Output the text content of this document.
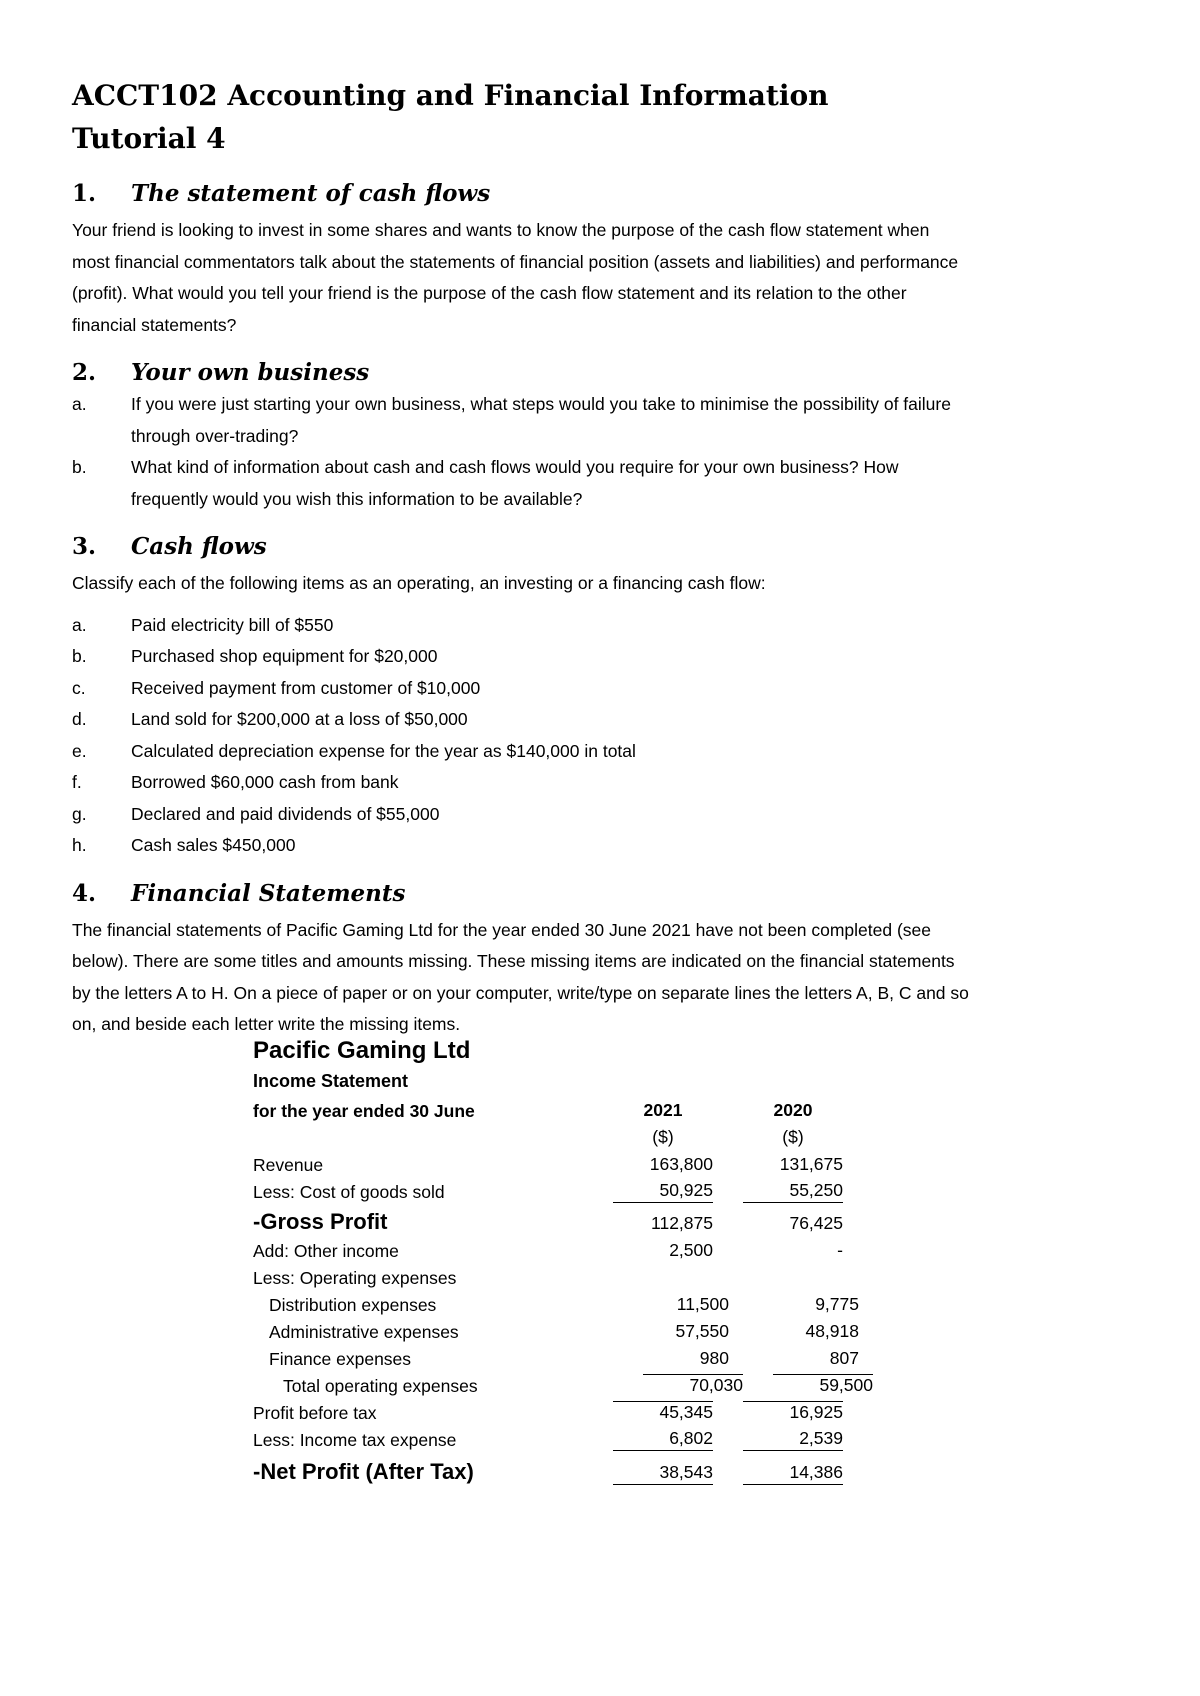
ACCT102 Accounting and Financial Information
Tutorial 4
1.	The statement of cash flows

Your friend is looking to invest in some shares and wants to know the purpose of the cash flow statement when
most financial commentators talk about the statements of financial position (assets and liabilities) and performance
(profit). What would you tell your friend is the purpose of the cash flow statement and its relation to the other
financial statements?

2.	Your own business
a.	If you were just starting your own business, what steps would you take to minimise the possibility of failure
through over-trading?
b.	What kind of information about cash and cash flows would you require for your own business? How
frequently would you wish this information to be available?
3.	Cash flows

Classify each of the following items as an operating, an investing or a financing cash flow:

a.	Paid electricity bill of $550
b.	Purchased shop equipment for $20,000
c.	Received payment from customer of $10,000
d.	Land sold for $200,000 at a loss of $50,000
e.	Calculated depreciation expense for the year as $140,000 in total
f.	Borrowed $60,000 cash from bank
g.	Declared and paid dividends of $55,000
h.	Cash sales $450,000
4.	Financial Statements

The financial statements of Pacific Gaming Ltd for the year ended 30 June 2021 have not been completed (see
below). There are some titles and amounts missing. These missing items are indicated on the financial statements
by the letters A to H. On a piece of paper or on your computer, write/type on separate lines the letters A, B, C and so
on, and beside each letter write the missing items.

Pacific Gaming Ltd
Income Statement
for the year ended 30 June	2021	2020
($)	($)
Revenue	163,800	131,675
Less: Cost of goods sold	50,925	55,250
-Gross Profit	112,875	76,425
Add: Other income	2,500	-
Less: Operating expenses
Distribution expenses	11,500	9,775
Administrative expenses	57,550	48,918
Finance expenses	980	807
Total operating expenses	70,030	59,500
Profit before tax	45,345	16,925
Less: Income tax expense	6,802	2,539
-Net Profit (After Tax)	38,543	14,386
